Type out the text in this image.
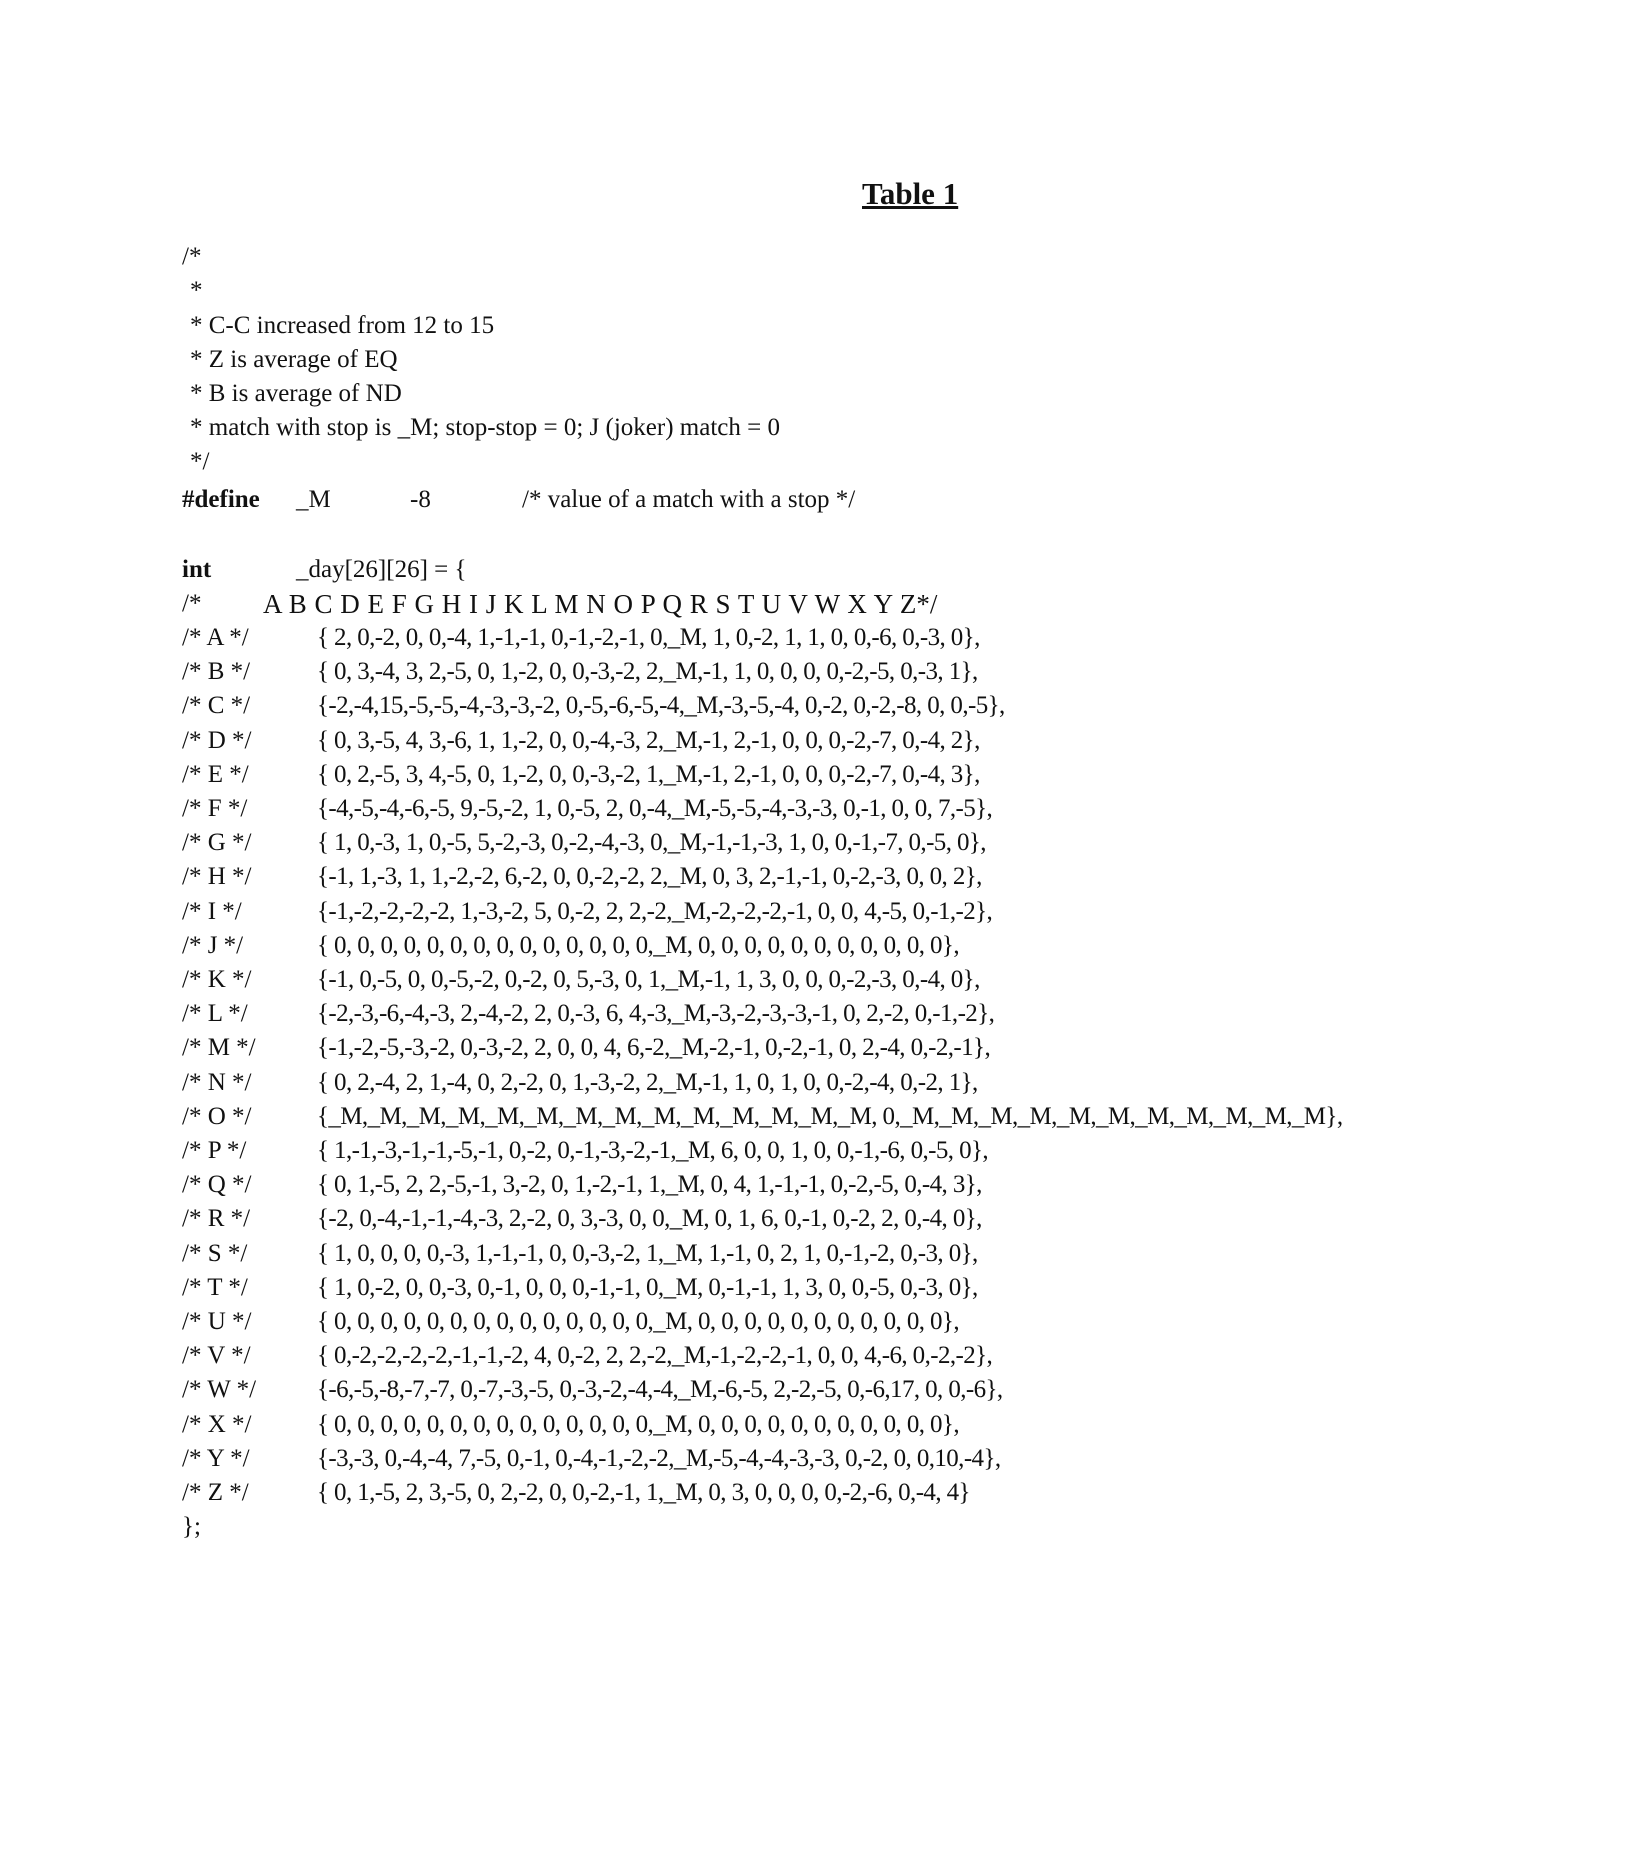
Table 1
/*
*
* C-C increased from 12 to 15
* Z is average of EQ
* B is average of ND
* match with stop is _M; stop-stop = 0; J (joker) match = 0
*/
#define _M	-8	/* value of a match with a stop */
int	_day[26][26] = {
/* A B C D E F G H I J K L M N O P Q R S T U V W X Y Z*/
/* A */	{ 2, 0,-2, 0, 0,-4, 1,-1,-1, 0,-1,-2,-1, 0,_M, 1, 0,-2, 1, 1, 0, 0,-6, 0,-3, 0},
/* B */	{ 0, 3,-4, 3, 2,-5, 0, 1,-2, 0, 0,-3,-2, 2,_M,-1, 1, 0, 0, 0, 0,-2,-5, 0,-3, 1},
/* C */	{-2,-4,15,-5,-5,-4,-3,-3,-2, 0,-5,-6,-5,-4,_M,-3,-5,-4, 0,-2, 0,-2,-8, 0, 0,-5},
/* D */	{ 0, 3,-5, 4, 3,-6, 1, 1,-2, 0, 0,-4,-3, 2,_M,-1, 2,-1, 0, 0, 0,-2,-7, 0,-4, 2},
/* E */	{ 0, 2,-5, 3, 4,-5, 0, 1,-2, 0, 0,-3,-2, 1,_M,-1, 2,-1, 0, 0, 0,-2,-7, 0,-4, 3},
/* F */	{-4,-5,-4,-6,-5, 9,-5,-2, 1, 0,-5, 2, 0,-4,_M,-5,-5,-4,-3,-3, 0,-1, 0, 0, 7,-5},
/* G */	{ 1, 0,-3, 1, 0,-5, 5,-2,-3, 0,-2,-4,-3, 0,_M,-1,-1,-3, 1, 0, 0,-1,-7, 0,-5, 0},
/* H */	{-1, 1,-3, 1, 1,-2,-2, 6,-2, 0, 0,-2,-2, 2,_M, 0, 3, 2,-1,-1, 0,-2,-3, 0, 0, 2},
/* I */	{-1,-2,-2,-2,-2, 1,-3,-2, 5, 0,-2, 2, 2,-2,_M,-2,-2,-2,-1, 0, 0, 4,-5, 0,-1,-2},
/* J */	{ 0, 0, 0, 0, 0, 0, 0, 0, 0, 0, 0, 0, 0, 0,_M, 0, 0, 0, 0, 0, 0, 0, 0, 0, 0, 0},
/* K */	{-1, 0,-5, 0, 0,-5,-2, 0,-2, 0, 5,-3, 0, 1,_M,-1, 1, 3, 0, 0, 0,-2,-3, 0,-4, 0},
/* L */	{-2,-3,-6,-4,-3, 2,-4,-2, 2, 0,-3, 6, 4,-3,_M,-3,-2,-3,-3,-1, 0, 2,-2, 0,-1,-2},
/* M */ {-1,-2,-5,-3,-2, 0,-3,-2, 2, 0, 0, 4, 6,-2,_M,-2,-1, 0,-2,-1, 0, 2,-4, 0,-2,-1},
/* N */	{ 0, 2,-4, 2, 1,-4, 0, 2,-2, 0, 1,-3,-2, 2,_M,-1, 1, 0, 1, 0, 0,-2,-4, 0,-2, 1},
/* O */	{_M,_M,_M,_M,_M,_M,_M,_M,_M,_M,_M,_M,_M,_M, 0,_M,_M,_M,_M,_M,_M,_M,_M,_M,_M,_M},
/* P */	{ 1,-1,-3,-1,-1,-5,-1, 0,-2, 0,-1,-3,-2,-1,_M, 6, 0, 0, 1, 0, 0,-1,-6, 0,-5, 0},
/* Q */	{ 0, 1,-5, 2, 2,-5,-1, 3,-2, 0, 1,-2,-1, 1,_M, 0, 4, 1,-1,-1, 0,-2,-5, 0,-4, 3},
/* R */	{-2, 0,-4,-1,-1,-4,-3, 2,-2, 0, 3,-3, 0, 0,_M, 0, 1, 6, 0,-1, 0,-2, 2, 0,-4, 0},
/* S */	{ 1, 0, 0, 0, 0,-3, 1,-1,-1, 0, 0,-3,-2, 1,_M, 1,-1, 0, 2, 1, 0,-1,-2, 0,-3, 0},
/* T */	{ 1, 0,-2, 0, 0,-3, 0,-1, 0, 0, 0,-1,-1, 0,_M, 0,-1,-1, 1, 3, 0, 0,-5, 0,-3, 0},
/* U */	{ 0, 0, 0, 0, 0, 0, 0, 0, 0, 0, 0, 0, 0, 0,_M, 0, 0, 0, 0, 0, 0, 0, 0, 0, 0, 0},
/* V */	{ 0,-2,-2,-2,-2,-1,-1,-2, 4, 0,-2, 2, 2,-2,_M,-1,-2,-2,-1, 0, 0, 4,-6, 0,-2,-2},
/* W */ {-6,-5,-8,-7,-7, 0,-7,-3,-5, 0,-3,-2,-4,-4,_M,-6,-5, 2,-2,-5, 0,-6,17, 0, 0,-6},
/* X */	{ 0, 0, 0, 0, 0, 0, 0, 0, 0, 0, 0, 0, 0, 0,_M, 0, 0, 0, 0, 0, 0, 0, 0, 0, 0, 0},
/* Y */	{-3,-3, 0,-4,-4, 7,-5, 0,-1, 0,-4,-1,-2,-2,_M,-5,-4,-4,-3,-3, 0,-2, 0, 0,10,-4},
/* Z */	{ 0, 1,-5, 2, 3,-5, 0, 2,-2, 0, 0,-2,-1, 1,_M, 0, 3, 0, 0, 0, 0,-2,-6, 0,-4, 4}
};
